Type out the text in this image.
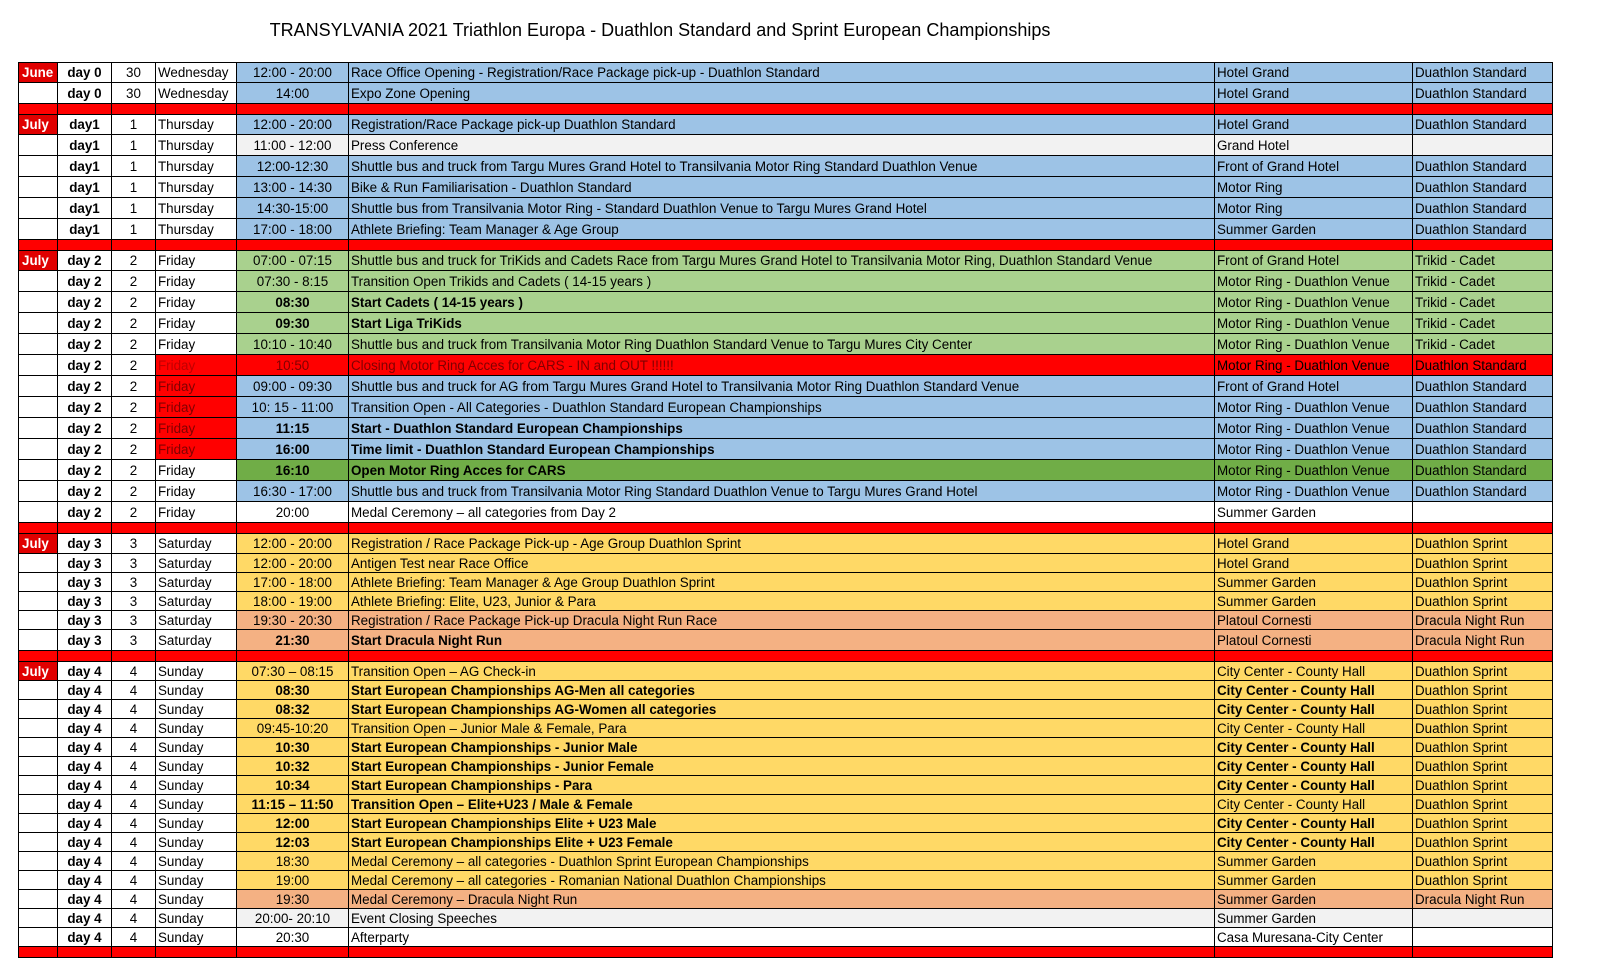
TRANSYLVANIA 2021 Triathlon Europa - Duathlon Standard and Sprint European Championships
June	day 0	30	Wednesday	12:00 - 20:00	Race Office Opening - Registration/Race Package pick-up - Duathlon Standard	Hotel Grand	Duathlon Standard
	day 0	30	Wednesday	14:00	Expo Zone Opening	Hotel Grand	Duathlon Standard

July	day1	1	Thursday	12:00 - 20:00	Registration/Race Package pick-up Duathlon Standard	Hotel Grand	Duathlon Standard
	day1	1	Thursday	11:00 - 12:00	Press Conference	Grand Hotel	
	day1	1	Thursday	12:00-12:30	Shuttle bus and truck from Targu Mures Grand Hotel to Transilvania Motor Ring Standard Duathlon Venue	Front of Grand Hotel	Duathlon Standard
	day1	1	Thursday	13:00 - 14:30	Bike & Run Familiarisation - Duathlon Standard	Motor Ring	Duathlon Standard
	day1	1	Thursday	14:30-15:00	Shuttle bus from Transilvania Motor Ring - Standard Duathlon Venue to Targu Mures Grand Hotel	Motor Ring	Duathlon Standard
	day1	1	Thursday	17:00 - 18:00	Athlete Briefing: Team Manager & Age Group	Summer Garden	Duathlon Standard

July	day 2	2	Friday	07:00 - 07:15	Shuttle bus and truck for TriKids and Cadets Race from Targu Mures Grand Hotel to Transilvania Motor Ring, Duathlon Standard Venue	Front of Grand Hotel	Trikid - Cadet
	day 2	2	Friday	07:30 - 8:15	Transition Open Trikids and Cadets ( 14-15 years )	Motor Ring - Duathlon Venue	Trikid - Cadet
	day 2	2	Friday	08:30	Start Cadets ( 14-15 years )	Motor Ring - Duathlon Venue	Trikid - Cadet
	day 2	2	Friday	09:30	Start Liga TriKids	Motor Ring - Duathlon Venue	Trikid - Cadet
	day 2	2	Friday	10:10 - 10:40	Shuttle bus and truck from Transilvania Motor Ring Duathlon Standard Venue to Targu Mures City Center	Motor Ring - Duathlon Venue	Trikid - Cadet
	day 2	2	Friday	10:50	Closing Motor Ring Acces for CARS - IN and OUT !!!!!!	Motor Ring - Duathlon Venue	Duathlon Standard
	day 2	2	Friday	09:00 - 09:30	Shuttle bus and truck for AG from Targu Mures Grand Hotel to Transilvania Motor Ring Duathlon Standard Venue	Front of Grand Hotel	Duathlon Standard
	day 2	2	Friday	10: 15 - 11:00	Transition Open - All Categories - Duathlon Standard European Championships	Motor Ring - Duathlon Venue	Duathlon Standard
	day 2	2	Friday	11:15	Start - Duathlon Standard European Championships	Motor Ring - Duathlon Venue	Duathlon Standard
	day 2	2	Friday	16:00	Time limit - Duathlon Standard European Championships	Motor Ring - Duathlon Venue	Duathlon Standard
	day 2	2	Friday	16:10	Open Motor Ring Acces for CARS	Motor Ring - Duathlon Venue	Duathlon Standard
	day 2	2	Friday	16:30 - 17:00	Shuttle bus and truck from Transilvania Motor Ring Standard Duathlon Venue to Targu Mures Grand Hotel	Motor Ring - Duathlon Venue	Duathlon Standard
	day 2	2	Friday	20:00	Medal Ceremony – all categories from Day 2	Summer Garden	

July	day 3	3	Saturday	12:00 - 20:00	Registration / Race Package Pick-up - Age Group Duathlon Sprint	Hotel Grand	Duathlon Sprint
	day 3	3	Saturday	12:00 - 20:00	Antigen Test near Race Office	Hotel Grand	Duathlon Sprint
	day 3	3	Saturday	17:00 - 18:00	Athlete Briefing: Team Manager & Age Group Duathlon Sprint	Summer Garden	Duathlon Sprint
	day 3	3	Saturday	18:00 - 19:00	Athlete Briefing: Elite, U23, Junior & Para	Summer Garden	Duathlon Sprint
	day 3	3	Saturday	19:30 - 20:30	Registration / Race Package Pick-up Dracula Night Run Race	Platoul Cornesti	Dracula Night Run
	day 3	3	Saturday	21:30	Start Dracula Night Run	Platoul Cornesti	Dracula Night Run

July	day 4	4	Sunday	07:30 – 08:15	Transition Open – AG Check-in	City Center - County Hall	Duathlon Sprint
	day 4	4	Sunday	08:30	Start European Championships AG-Men all categories	City Center - County Hall	Duathlon Sprint
	day 4	4	Sunday	08:32	Start European Championships AG-Women all categories	City Center - County Hall	Duathlon Sprint
	day 4	4	Sunday	09:45-10:20	Transition Open – Junior Male & Female, Para	City Center - County Hall	Duathlon Sprint
	day 4	4	Sunday	10:30	Start European Championships - Junior Male	City Center - County Hall	Duathlon Sprint
	day 4	4	Sunday	10:32	Start European Championships - Junior Female	City Center - County Hall	Duathlon Sprint
	day 4	4	Sunday	10:34	Start European Championships - Para	City Center - County Hall	Duathlon Sprint
	day 4	4	Sunday	11:15 – 11:50	Transition Open – Elite+U23 / Male & Female	City Center - County Hall	Duathlon Sprint
	day 4	4	Sunday	12:00	Start European Championships Elite + U23 Male	City Center - County Hall	Duathlon Sprint
	day 4	4	Sunday	12:03	Start European Championships Elite + U23 Female	City Center - County Hall	Duathlon Sprint
	day 4	4	Sunday	18:30	Medal Ceremony – all categories - Duathlon Sprint European Championships	Summer Garden	Duathlon Sprint
	day 4	4	Sunday	19:00	Medal Ceremony – all categories - Romanian National Duathlon Championships	Summer Garden	Duathlon Sprint
	day 4	4	Sunday	19:30	Medal Ceremony – Dracula Night Run	Summer Garden	Dracula Night Run
	day 4	4	Sunday	20:00- 20:10	Event Closing Speeches	Summer Garden	
	day 4	4	Sunday	20:30	Afterparty	Casa Muresana-City Center	
